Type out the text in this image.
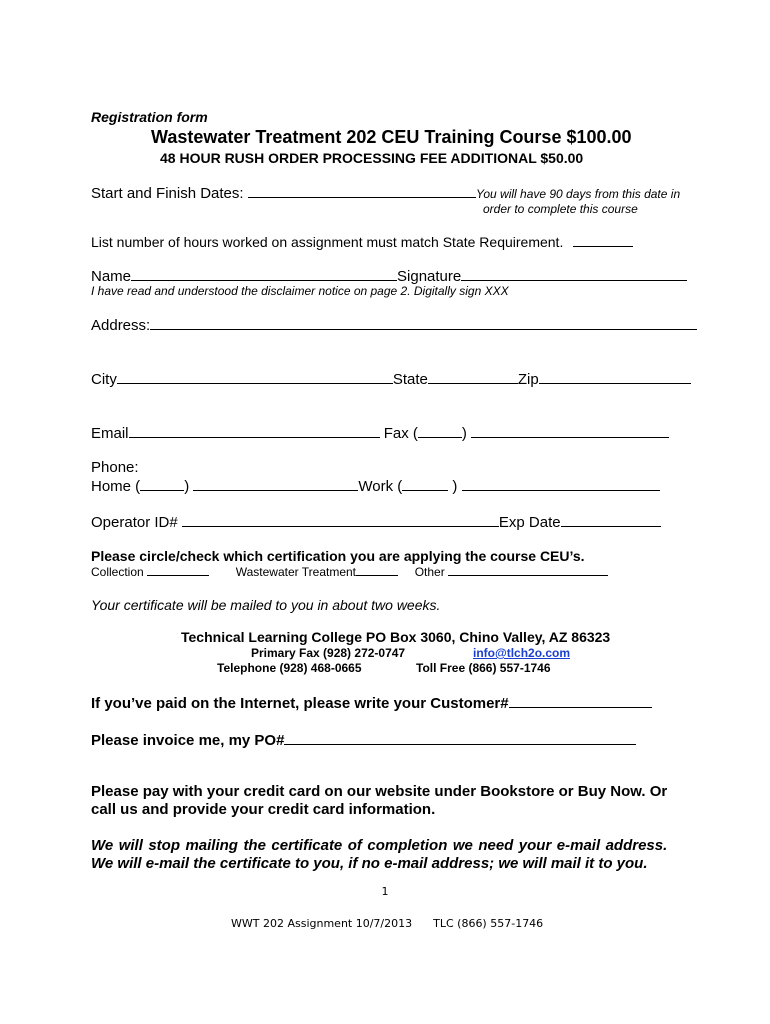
Registration form
Wastewater Treatment 202 CEU Training Course $100.00
48 HOUR RUSH ORDER PROCESSING FEE ADDITIONAL $50.00
Start and Finish Dates:	You will have 90 days from this date in
order to complete this course
List number of hours worked on assignment must match State Requirement.
Name	Signature
I have read and understood the disclaimer notice on page 2. Digitally sign XXX
Address:
City	State	Zip
Email	Fax (	)
Phone:
Home (	)	Work (	)
Operator ID#	Exp Date
Please circle/check which certification you are applying the course CEU’s.
Collection	Wastewater Treatment	Other
Your certificate will be mailed to you in about two weeks.
Technical Learning College PO Box 3060, Chino Valley, AZ 86323
Primary Fax (928) 272-0747	info@tlch2o.com
Telephone (928) 468-0665	Toll Free (866) 557-1746
If you’ve paid on the Internet, please write your Customer#
Please invoice me, my PO#
Please pay with your credit card on our website under Bookstore or Buy Now. Or
call us and provide your credit card information.
We will stop mailing the certificate of completion we need your e-mail address.
We will e-mail the certificate to you, if no e-mail address; we will mail it to you.
1
WWT 202 Assignment 10/7/2013 TLC (866) 557-1746
